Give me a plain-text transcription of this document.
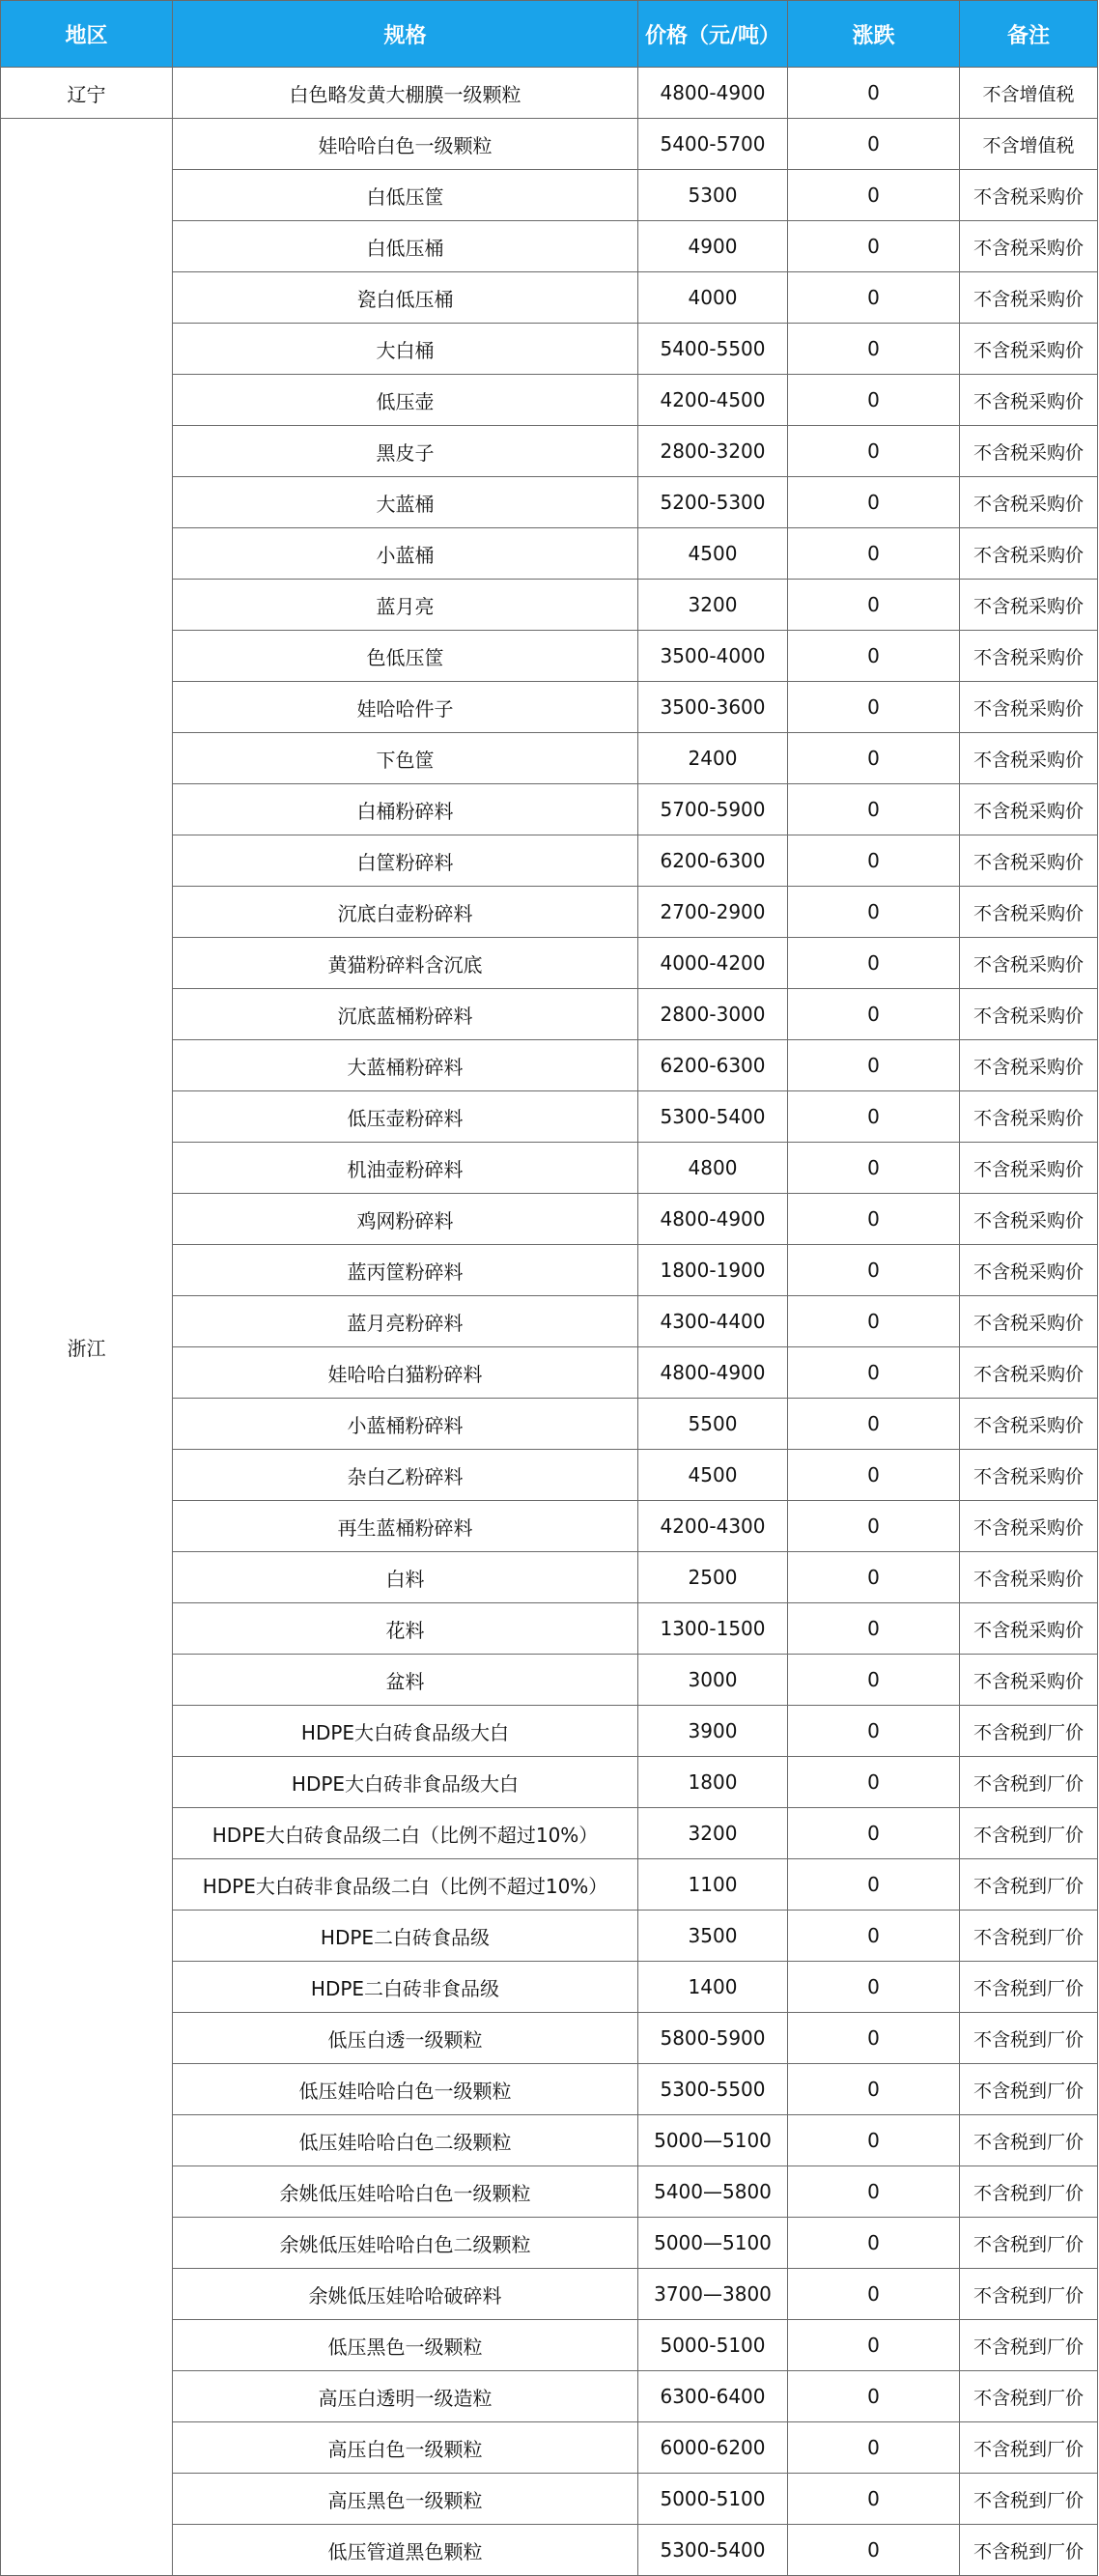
地区	规格	价格（元/吨）	涨跌	备注
辽宁	白色略发黄大棚膜一级颗粒	4800-4900	0	不含增值税
浙江	娃哈哈白色一级颗粒	5400-5700	0	不含增值税
	白低压筐	5300	0	不含税采购价
	白低压桶	4900	0	不含税采购价
	瓷白低压桶	4000	0	不含税采购价
	大白桶	5400-5500	0	不含税采购价
	低压壶	4200-4500	0	不含税采购价
	黑皮子	2800-3200	0	不含税采购价
	大蓝桶	5200-5300	0	不含税采购价
	小蓝桶	4500	0	不含税采购价
	蓝月亮	3200	0	不含税采购价
	色低压筐	3500-4000	0	不含税采购价
	娃哈哈件子	3500-3600	0	不含税采购价
	下色筐	2400	0	不含税采购价
	白桶粉碎料	5700-5900	0	不含税采购价
	白筐粉碎料	6200-6300	0	不含税采购价
	沉底白壶粉碎料	2700-2900	0	不含税采购价
	黄猫粉碎料含沉底	4000-4200	0	不含税采购价
	沉底蓝桶粉碎料	2800-3000	0	不含税采购价
	大蓝桶粉碎料	6200-6300	0	不含税采购价
	低压壶粉碎料	5300-5400	0	不含税采购价
	机油壶粉碎料	4800	0	不含税采购价
	鸡网粉碎料	4800-4900	0	不含税采购价
	蓝丙筐粉碎料	1800-1900	0	不含税采购价
	蓝月亮粉碎料	4300-4400	0	不含税采购价
	娃哈哈白猫粉碎料	4800-4900	0	不含税采购价
	小蓝桶粉碎料	5500	0	不含税采购价
	杂白乙粉碎料	4500	0	不含税采购价
	再生蓝桶粉碎料	4200-4300	0	不含税采购价
	白料	2500	0	不含税采购价
	花料	1300-1500	0	不含税采购价
	盆料	3000	0	不含税采购价
	HDPE大白砖食品级大白	3900	0	不含税到厂价
	HDPE大白砖非食品级大白	1800	0	不含税到厂价
	HDPE大白砖食品级二白（比例不超过10%）	3200	0	不含税到厂价
	HDPE大白砖非食品级二白（比例不超过10%）	1100	0	不含税到厂价
	HDPE二白砖食品级	3500	0	不含税到厂价
	HDPE二白砖非食品级	1400	0	不含税到厂价
	低压白透一级颗粒	5800-5900	0	不含税到厂价
	低压娃哈哈白色一级颗粒	5300-5500	0	不含税到厂价
	低压娃哈哈白色二级颗粒	5000—5100	0	不含税到厂价
	余姚低压娃哈哈白色一级颗粒	5400—5800	0	不含税到厂价
	余姚低压娃哈哈白色二级颗粒	5000—5100	0	不含税到厂价
	余姚低压娃哈哈破碎料	3700—3800	0	不含税到厂价
	低压黑色一级颗粒	5000-5100	0	不含税到厂价
	高压白透明一级造粒	6300-6400	0	不含税到厂价
	高压白色一级颗粒	6000-6200	0	不含税到厂价
	高压黑色一级颗粒	5000-5100	0	不含税到厂价
	低压管道黑色颗粒	5300-5400	0	不含税到厂价
